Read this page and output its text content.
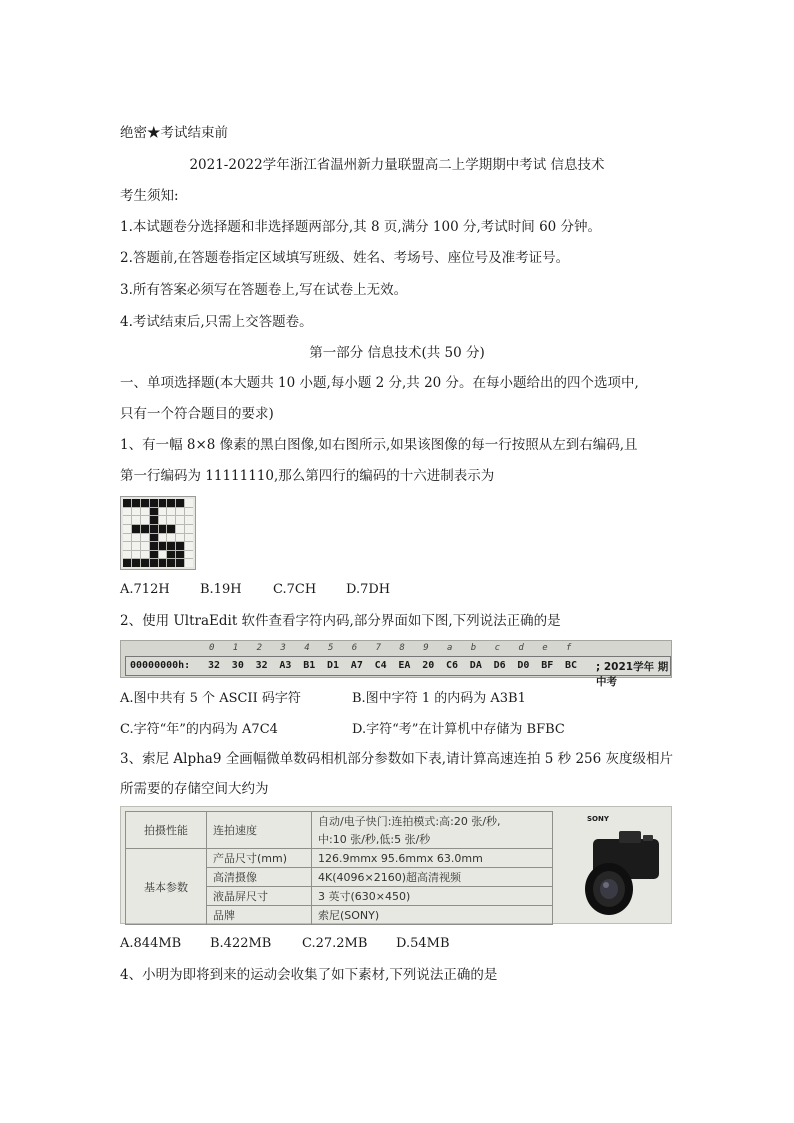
绝密★考试结束前
2021-2022学年浙江省温州新力量联盟高二上学期期中考试 信息技术
考生须知:
1.本试题卷分选择题和非选择题两部分,其 8 页,满分 100 分,考试时间 60 分钟。
2.答题前,在答题卷指定区域填写班级、姓名、考场号、座位号及准考证号。
3.所有答案必须写在答题卷上,写在试卷上无效。
4.考试结束后,只需上交答题卷。
第一部分 信息技术(共 50 分)
一、单项选择题(本大题共 10 小题,每小题 2 分,共 20 分。在每小题给出的四个选项中,
只有一个符合题目的要求)
1、有一幅 8×8 像素的黑白图像,如右图所示,如果该图像的每一行按照从左到右编码,且
第一行编码为 11111110,那么第四行的编码的十六进制表示为
A.712H B.19H C.7CH D.7DH
2、使用 UltraEdit 软件查看字符内码,部分界面如下图,下列说法正确的是
0 1 2 3 4 5 6 7 8 9 a b c d e f
00000000h: 32 30 32 A3 B1 D1 A7 C4 EA 20 C6 DA D6 D0 BF BC ; 2021学年 期中考
A.图中共有 5 个 ASCII 码字符	B.图中字符 1 的内码为 A3B1
C.字符“年”的内码为 A7C4	D.字符“考”在计算机中存储为 BFBC
3、索尼 Alpha9 全画幅微单数码相机部分参数如下表,请计算高速连拍 5 秒 256 灰度级相片
所需要的存储空间大约为
拍摄性能	连拍速度	自动/电子快门:连拍模式:高:20 张/秒,
		中:10 张/秒,低:5 张/秒
基本参数	产品尺寸(mm)	126.9mmx 95.6mmx 63.0mm
	高清摄像	4K(4096×2160)超高清视频
	液晶屏尺寸	3 英寸(630×450)
	品牌	索尼(SONY)
SONY
A.844MB B.422MB C.27.2MB D.54MB
4、小明为即将到来的运动会收集了如下素材,下列说法正确的是
